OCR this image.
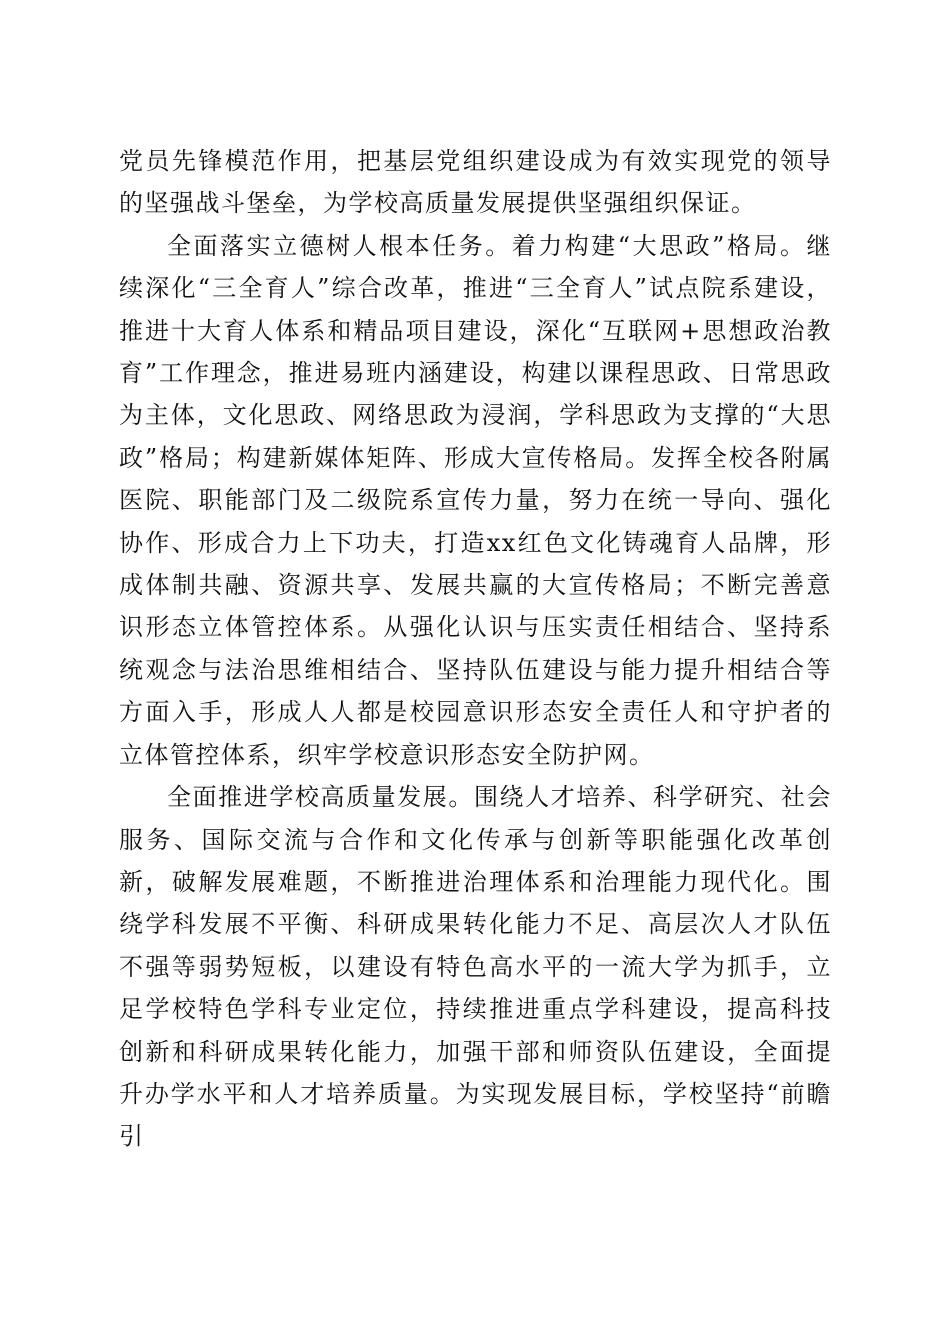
党员先锋模范作用，把基层党组织建设成为有效实现党的领导的坚强战斗堡垒，为学校高质量发展提供坚强组织保证。

全面落实立德树人根本任务。着力构建“大思政”格局。继续深化“三全育人”综合改革，推进“三全育人”试点院系建设，推进十大育人体系和精品项目建设，深化“互联网+思想政治教育”工作理念，推进易班内涵建设，构建以课程思政、日常思政为主体，文化思政、网络思政为浸润，学科思政为支撑的“大思政”格局；构建新媒体矩阵、形成大宣传格局。发挥全校各附属医院、职能部门及二级院系宣传力量，努力在统一导向、强化协作、形成合力上下功夫，打造xx红色文化铸魂育人品牌，形成体制共融、资源共享、发展共赢的大宣传格局；不断完善意识形态立体管控体系。从强化认识与压实责任相结合、坚持系统观念与法治思维相结合、坚持队伍建设与能力提升相结合等方面入手，形成人人都是校园意识形态安全责任人和守护者的立体管控体系，织牢学校意识形态安全防护网。

全面推进学校高质量发展。围绕人才培养、科学研究、社会服务、国际交流与合作和文化传承与创新等职能强化改革创新，破解发展难题，不断推进治理体系和治理能力现代化。围绕学科发展不平衡、科研成果转化能力不足、高层次人才队伍不强等弱势短板，以建设有特色高水平的一流大学为抓手，立足学校特色学科专业定位，持续推进重点学科建设，提高科技创新和科研成果转化能力，加强干部和师资队伍建设，全面提升办学水平和人才培养质量。为实现发展目标，学校坚持“前瞻引
